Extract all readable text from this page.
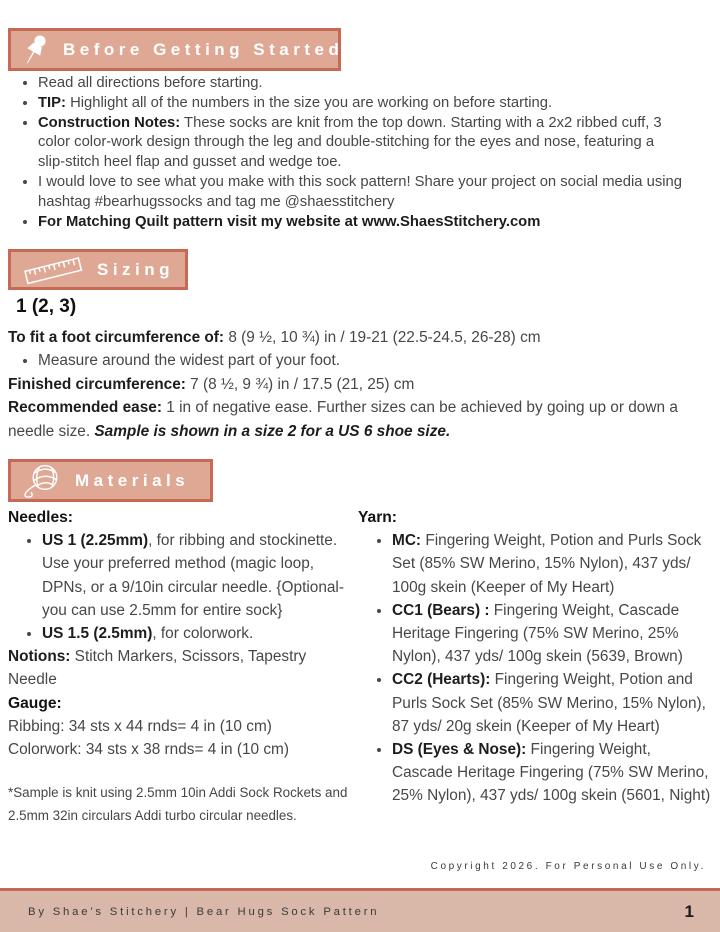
Before Getting Started
• Read all directions before starting.
• TIP: Highlight all of the numbers in the size you are working on before starting.
• Construction Notes: These socks are knit from the top down. Starting with a 2x2 ribbed cuff, 3 color color-work design through the leg and double-stitching for the eyes and nose, featuring a slip-stitch heel flap and gusset and wedge toe.
• I would love to see what you make with this sock pattern! Share your project on social media using hashtag #bearhugssocks and tag me @shaesstitchery
• For Matching Quilt pattern visit my website at www.ShaesStitchery.com
Sizing
1 (2, 3)
To fit a foot circumference of: 8 (9 ½, 10 ¾) in / 19-21 (22.5-24.5, 26-28) cm
• Measure around the widest part of your foot.
Finished circumference: 7 (8 ½, 9 ¾) in / 17.5 (21, 25) cm
Recommended ease: 1 in of negative ease. Further sizes can be achieved by going up or down a needle size. Sample is shown in a size 2 for a US 6 shoe size.
Materials
Needles:
• US 1 (2.25mm), for ribbing and stockinette. Use your preferred method (magic loop, DPNs, or a 9/10in circular needle. {Optional- you can use 2.5mm for entire sock}
• US 1.5 (2.5mm), for colorwork.
Notions: Stitch Markers, Scissors, Tapestry Needle
Gauge:
Ribbing: 34 sts x 44 rnds= 4 in (10 cm)
Colorwork: 34 sts x 38 rnds= 4 in (10 cm)
*Sample is knit using 2.5mm 10in Addi Sock Rockets and 2.5mm 32in circulars Addi turbo circular needles.
Yarn:
• MC: Fingering Weight, Potion and Purls Sock Set (85% SW Merino, 15% Nylon), 437 yds/ 100g skein (Keeper of My Heart)
• CC1 (Bears) : Fingering Weight, Cascade Heritage Fingering (75% SW Merino, 25% Nylon), 437 yds/ 100g skein (5639, Brown)
• CC2 (Hearts): Fingering Weight, Potion and Purls Sock Set (85% SW Merino, 15% Nylon), 87 yds/ 20g skein (Keeper of My Heart)
• DS (Eyes & Nose): Fingering Weight, Cascade Heritage Fingering (75% SW Merino, 25% Nylon), 437 yds/ 100g skein (5601, Night)
Copyright 2026. For Personal Use Only.
By Shae’s Stitchery | Bear Hugs Sock Pattern	1
